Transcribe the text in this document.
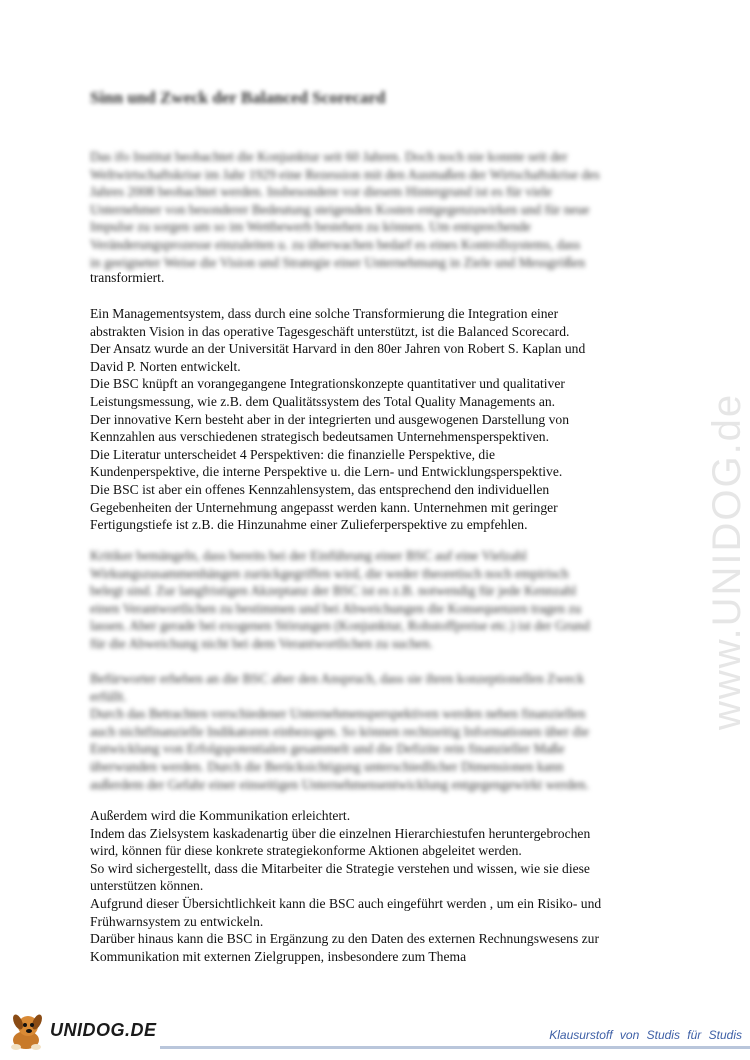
Sinn und Zweck der Balanced Scorecard
Das ifo Institut beobachtet die Konjunktur seit 60 Jahren. Doch noch nie konnte seit der
Weltwirtschaftskrise im Jahr 1929 eine Rezession mit den Ausmaßen der Wirtschaftskrise des
Jahres 2008 beobachtet werden. Insbesondere vor diesem Hintergrund ist es für viele
Unternehmer von besonderer Bedeutung steigenden Kosten entgegenzuwirken und für neue
Impulse zu sorgen um so im Wettbewerb bestehen zu können. Um entsprechende
Veränderungsprozesse einzuleiten u. zu überwachen bedarf es eines Kontrollsystems, dass
in geeigneter Weise die Vision und Strategie einer Unternehmung in Ziele und Messgrößen
transformiert.
Ein Managementsystem, dass durch eine solche Transformierung die Integration einer
abstrakten Vision in das operative Tagesgeschäft unterstützt, ist die Balanced Scorecard.
Der Ansatz wurde an der Universität Harvard in den 80er Jahren von Robert S. Kaplan und
David P. Norten entwickelt.
Die BSC knüpft an vorangegangene Integrationskonzepte quantitativer und qualitativer
Leistungsmessung, wie z.B. dem Qualitätssystem des Total Quality Managements an.
Der innovative Kern besteht aber in der integrierten und ausgewogenen Darstellung von
Kennzahlen aus verschiedenen strategisch bedeutsamen Unternehmensperspektiven.
Die Literatur unterscheidet 4 Perspektiven: die finanzielle Perspektive, die
Kundenperspektive, die interne Perspektive u. die Lern- und Entwicklungsperspektive.
Die BSC ist aber ein offenes Kennzahlensystem, das entsprechend den individuellen
Gegebenheiten der Unternehmung angepasst werden kann. Unternehmen mit geringer
Fertigungstiefe ist z.B. die Hinzunahme einer Zulieferperspektive zu empfehlen.
Kritiker bemängeln, dass bereits bei der Einführung einer BSC auf eine Vielzahl
Wirkungszusammenhängen zurückgegriffen wird, die weder theoretisch noch empirisch
belegt sind. Zur langfristigen Akzeptanz der BSC ist es z.B. notwendig für jede Kennzahl
einen Verantwortlichen zu bestimmen und bei Abweichungen die Konsequenzen tragen zu
lassen. Aber gerade bei exogenen Störungen (Konjunktur, Rohstoffpreise etc.) ist der Grund
für die Abweichung nicht bei dem Verantwortlichen zu suchen.
Befürworter erheben an die BSC aber den Anspruch, dass sie ihren konzeptionellen Zweck
erfüllt.
Durch das Betrachten verschiedener Unternehmensperspektiven werden neben finanziellen
auch nichtfinanzielle Indikatoren einbezogen. So können rechtzeitig Informationen über die
Entwicklung von Erfolgspotentialen gesammelt und die Defizite rein finanzieller Maße
überwunden werden. Durch die Berücksichtigung unterschiedlicher Dimensionen kann
außerdem der Gefahr einer einseitigen Unternehmensentwicklung entgegengewirkt werden.
Außerdem wird die Kommunikation erleichtert.
Indem das Zielsystem kaskadenartig über die einzelnen Hierarchiestufen heruntergebrochen
wird, können für diese konkrete strategiekonforme Aktionen abgeleitet werden.
So wird sichergestellt, dass die Mitarbeiter die Strategie verstehen und wissen, wie sie diese
unterstützen können.
Aufgrund dieser Übersichtlichkeit kann die BSC auch eingeführt werden , um ein Risiko- und
Frühwarnsystem zu entwickeln.
Darüber hinaus kann die BSC in Ergänzung zu den Daten des externen Rechnungswesens zur
Kommunikation mit externen Zielgruppen, insbesondere zum Thema
www.UNIDOG.de
UNIDOG.DE	Klausurstoff von Studis für Studis
